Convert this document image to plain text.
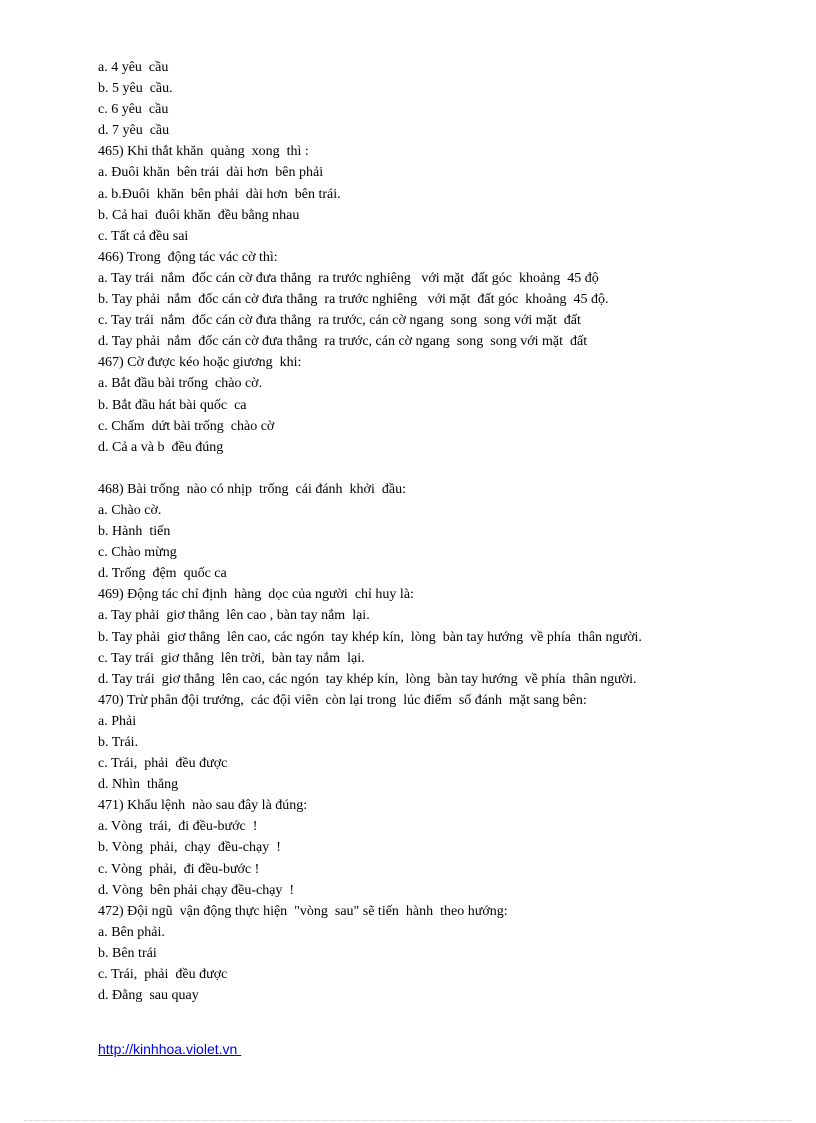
a. 4 yêu  cầu
b. 5 yêu  cầu.
c. 6 yêu  cầu
d. 7 yêu  cầu
465) Khi thắt khăn  quàng  xong  thì :
a. Đuôi khăn  bên trái  dài hơn  bên phải
a. b.Đuôi  khăn  bên phải  dài hơn  bên trái.
b. Cả hai  đuôi khăn  đều bằng nhau
c. Tất cả đều sai
466) Trong  động tác vác cờ thì:
a. Tay trái  nắm  đốc cán cờ đưa thẳng  ra trước nghiêng   với mặt  đất góc  khoảng  45 độ
b. Tay phải  nắm  đốc cán cờ đưa thẳng  ra trước nghiêng   với mặt  đất góc  khoảng  45 độ.
c. Tay trái  nắm  đốc cán cờ đưa thẳng  ra trước, cán cờ ngang  song  song với mặt  đất
d. Tay phải  nắm  đốc cán cờ đưa thẳng  ra trước, cán cờ ngang  song  song với mặt  đất
467) Cờ được kéo hoặc giương  khi:
a. Bắt đầu bài trống  chào cờ.
b. Bắt đầu hát bài quốc  ca
c. Chấm  dứt bài trống  chào cờ
d. Cả a và b  đều đúng
468) Bài trống  nào có nhịp  trống  cái đánh  khởi  đầu:
a. Chào cờ.
b. Hành  tiến
c. Chào mừng
d. Trống  đệm  quốc ca
469) Động tác chỉ định  hàng  dọc của người  chỉ huy là:
a. Tay phải  giơ thẳng  lên cao , bàn tay nắm  lại.
b. Tay phải  giơ thẳng  lên cao, các ngón  tay khép kín,  lòng  bàn tay hướng  về phía  thân người.
c. Tay trái  giơ thẳng  lên trời,  bàn tay nắm  lại.
d. Tay trái  giơ thẳng  lên cao, các ngón  tay khép kín,  lòng  bàn tay hướng  về phía  thân người.
470) Trừ phân đội trưởng,  các đội viên  còn lại trong  lúc điểm  số đánh  mặt sang bên:
a. Phải
b. Trái.
c. Trái,  phải  đều được
d. Nhìn  thẳng
471) Khẩu lệnh  nào sau đây là đúng:
a. Vòng  trái,  đi đều-bước  !
b. Vòng  phải,  chạy  đều-chạy  !
c. Vòng  phải,  đi đều-bước !
d. Vòng  bên phải chạy đều-chạy  !
472) Đội ngũ  vận động thực hiện  "vòng  sau" sẽ tiến  hành  theo hướng:
a. Bên phải.
b. Bên trái
c. Trái,  phải  đều được
d. Đằng  sau quay
http://kinhhoa.violet.vn
